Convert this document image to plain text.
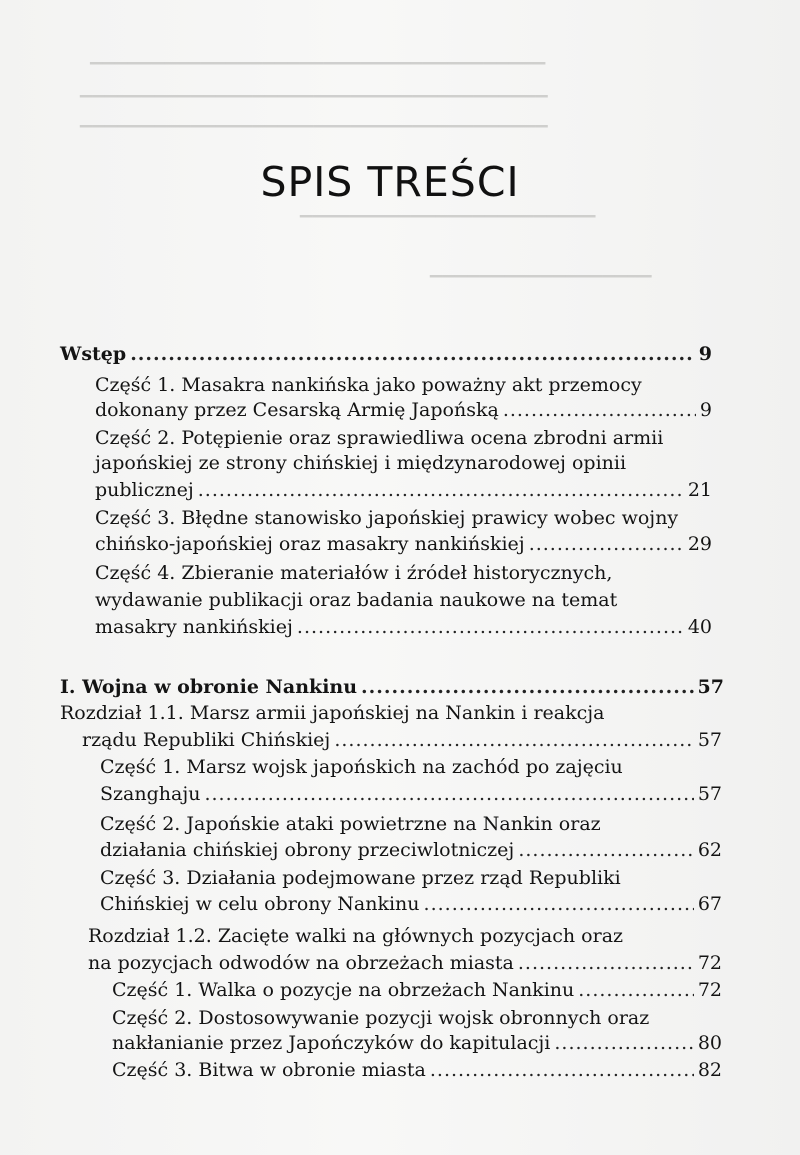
▔▔▔▔▔▔▔▔▔▔▔▔▔▔▔▔▔▔▔▔▔▔▔▔▔▔▔▔▔▔▔▔▔▔▔▔▔
▔▔▔▔▔▔▔▔▔▔▔▔▔▔▔▔▔▔▔▔▔▔▔▔▔▔▔▔▔▔▔▔▔▔▔▔▔▔
▔▔▔▔▔▔▔▔▔▔▔▔▔▔▔▔▔▔▔▔▔▔▔▔▔▔▔▔▔▔▔▔▔▔▔▔▔▔
▔▔▔▔▔▔▔▔▔▔▔▔▔▔▔▔▔▔▔▔▔▔▔▔
▔▔▔▔▔▔▔▔▔▔▔▔▔▔▔▔▔▔
SPIS TREŚCI
Wstęp .....	9
Część 1. Masakra nankińska jako poważny akt przemocy
dokonany przez Cesarską Armię Japońską .....	9
Część 2. Potępienie oraz sprawiedliwa ocena zbrodni armii
japońskiej ze strony chińskiej i międzynarodowej opinii
publicznej .....	21
Część 3. Błędne stanowisko japońskiej prawicy wobec wojny
chińsko-japońskiej oraz masakry nankińskiej .....	29
Część 4. Zbieranie materiałów i źródeł historycznych,
wydawanie publikacji oraz badania naukowe na temat
masakry nankińskiej .....	40
I. Wojna w obronie Nankinu .....	57
Rozdział 1.1. Marsz armii japońskiej na Nankin i reakcja
rządu Republiki Chińskiej .....	57
Część 1. Marsz wojsk japońskich na zachód po zajęciu
Szanghaju .....	57
Część 2. Japońskie ataki powietrzne na Nankin oraz
działania chińskiej obrony przeciwlotniczej .....	62
Część 3. Działania podejmowane przez rząd Republiki
Chińskiej w celu obrony Nankinu .....	67
Rozdział 1.2. Zacięte walki na głównych pozycjach oraz
na pozycjach odwodów na obrzeżach miasta .....	72
Część 1. Walka o pozycje na obrzeżach Nankinu .....	72
Część 2. Dostosowywanie pozycji wojsk obronnych oraz
nakłanianie przez Japończyków do kapitulacji .....	80
Część 3. Bitwa w obronie miasta .....	82
